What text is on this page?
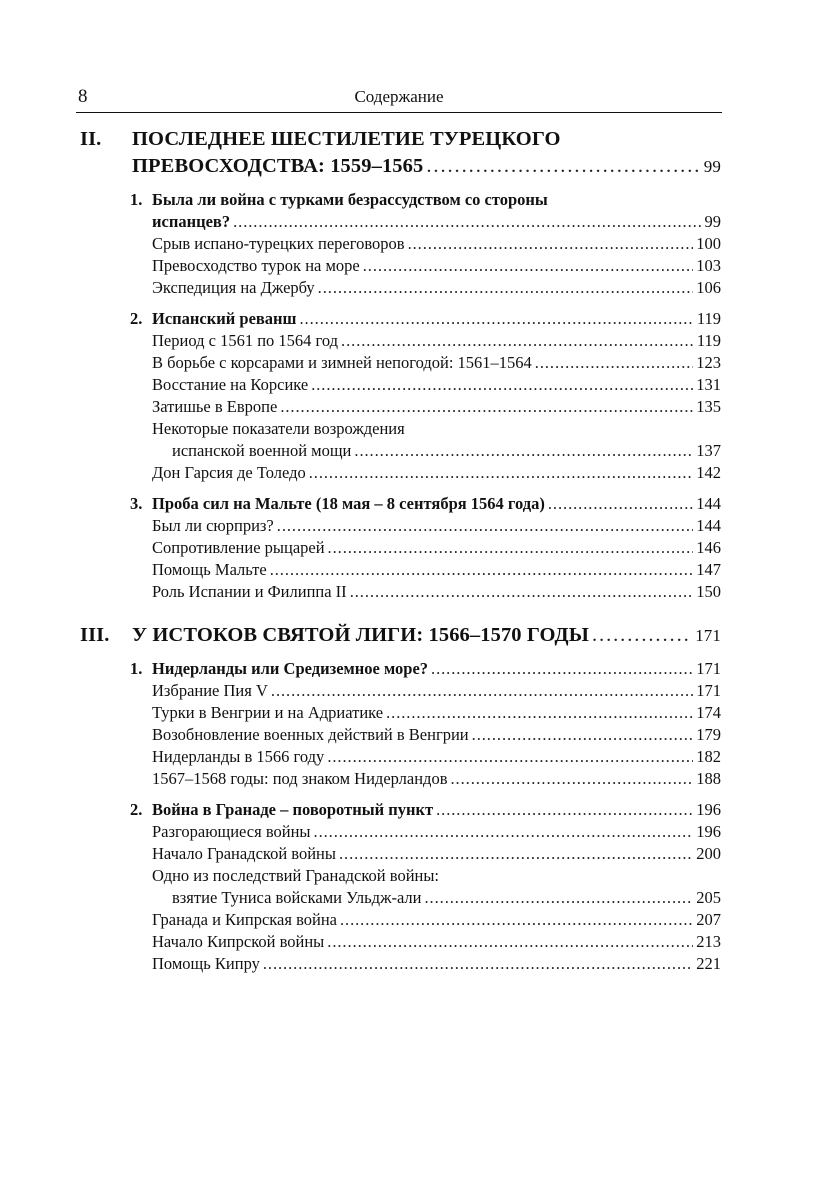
8	Содержание
II. ПОСЛЕДНЕЕ ШЕСТИЛЕТИЕ ТУРЕЦКОГО
ПРЕВОСХОДСТВА: 1559–1565 . . .	99
1. Была ли война с турками безрассудством со стороны
испанцев? . . .	99
Срыв испано-турецких переговоров . . .	100
Превосходство турок на море . . .	103
Экспедиция на Джербу . . .	106
2. Испанский реванш . . .	119
Период с 1561 по 1564 год . . .	119
В борьбе с корсарами и зимней непогодой: 1561–1564 . . .	123
Восстание на Корсике . . .	131
Затишье в Европе . . .	135
Некоторые показатели возрождения
испанской военной мощи . . .	137
Дон Гарсия де Толедо . . .	142
3. Проба сил на Мальте (18 мая – 8 сентября 1564 года) . . .	144
Был ли сюрприз? . . .	144
Сопротивление рыцарей . . .	146
Помощь Мальте . . .	147
Роль Испании и Филиппа II . . .	150
III. У ИСТОКОВ СВЯТОЙ ЛИГИ: 1566–1570 ГОДЫ . . .	171
1. Нидерланды или Средиземное море? . . .	171
Избрание Пия V . . .	171
Турки в Венгрии и на Адриатике . . .	174
Возобновление военных действий в Венгрии . . .	179
Нидерланды в 1566 году . . .	182
1567–1568 годы: под знаком Нидерландов . . .	188
2. Война в Гранаде – поворотный пункт . . .	196
Разгорающиеся войны . . .	196
Начало Гранадской войны . . .	200
Одно из последствий Гранадской войны:
взятие Туниса войсками Ульдж-али . . .	205
Гранада и Кипрская война . . .	207
Начало Кипрской войны . . .	213
Помощь Кипру . . .	221
